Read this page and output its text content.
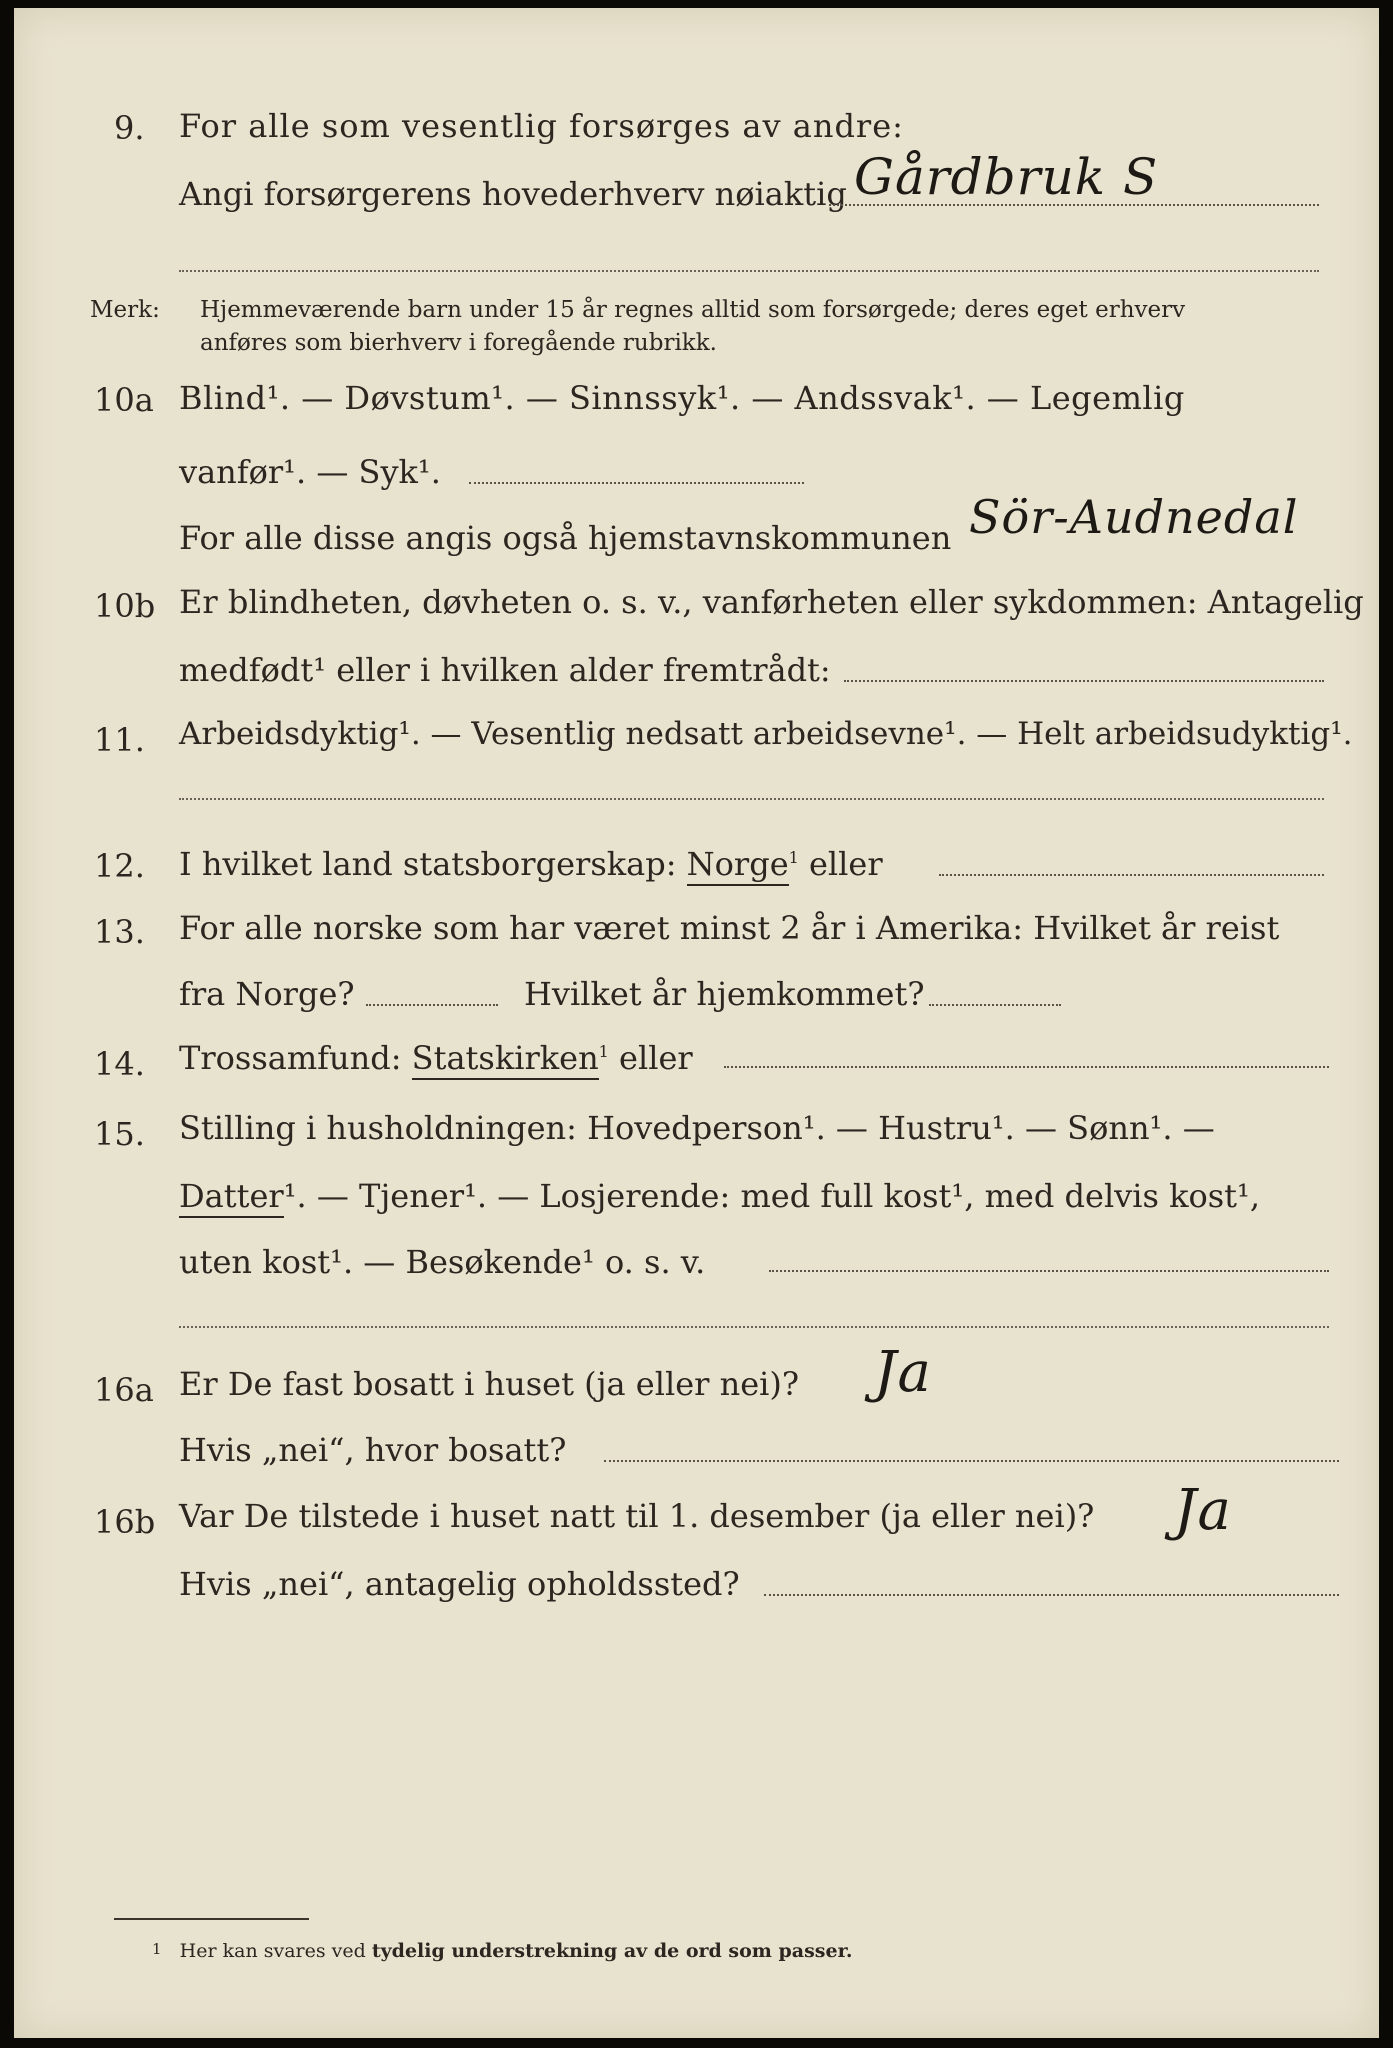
9. For alle som vesentlig forsørges av andre:
Angi forsørgerens hovederhverv nøiaktig Gårdbruk S
Merk: Hjemmeværende barn under 15 år regnes alltid som forsørgede; deres eget erhverv
anføres som bierhverv i foregående rubrikk.
10a Blind¹. — Døvstum¹. — Sinnssyk¹. — Andssvak¹. — Legemlig
vanfør¹. — Syk¹.
For alle disse angis også hjemstavnskommunen Sör-Audnedal
10b Er blindheten, døvheten o. s. v., vanførheten eller sykdommen: Antagelig
medfødt¹ eller i hvilken alder fremtrådt:
11. Arbeidsdyktig¹. — Vesentlig nedsatt arbeidsevne¹. — Helt arbeidsudyktig¹.
12. I hvilket land statsborgerskap: Norge$^1$ eller
13. For alle norske som har været minst 2 år i Amerika: Hvilket år reist
fra Norge?	Hvilket år hjemkommet?
14. Trossamfund: Statskirken$^1$ eller
15. Stilling i husholdningen: Hovedperson¹. — Hustru¹. — Sønn¹. —
Datter¹. — Tjener¹. — Losjerende: med full kost¹, med delvis kost¹,
uten kost¹. — Besøkende¹ o. s. v.
16a Er De fast bosatt i huset (ja eller nei)? Ja
Hvis „nei“, hvor bosatt?
16b Var De tilstede i huset natt til 1. desember (ja eller nei)? Ja
Hvis „nei“, antagelig opholdssted?
1 Her kan svares ved tydelig understrekning av de ord som passer.
